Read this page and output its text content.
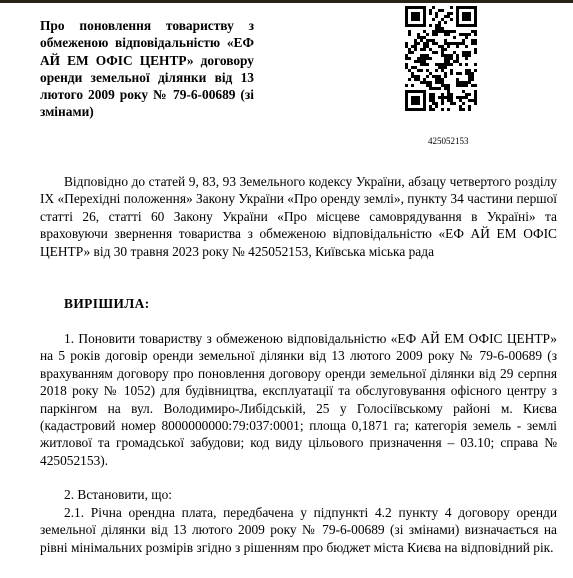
Про поновлення товариству з обмеженою відповідальністю «ЕФ АЙ ЕМ ОФІС ЦЕНТР» договору оренди земельної ділянки від 13 лютого 2009 року № 79-6-00689 (зі змінами)
425052153

Відповідно до статей 9, 83, 93 Земельного кодексу України, абзацу четвертого розділу IX «Перехідні положення» Закону України «Про оренду землі», пункту 34 частини першої статті 26, статті 60 Закону України «Про місцеве самоврядування в Україні» та враховуючи звернення товариства з обмеженою відповідальністю «ЕФ АЙ ЕМ ОФІС ЦЕНТР» від 30 травня 2023 року № 425052153, Київська міська рада

ВИРІШИЛА:

1. Поновити товариству з обмеженою відповідальністю «ЕФ АЙ ЕМ ОФІС ЦЕНТР» на 5 років договір оренди земельної ділянки від 13 лютого 2009 року № 79-6-00689 (з врахуванням договору про поновлення договору оренди земельної ділянки від 29 серпня 2018 року № 1052) для будівництва, експлуатації та обслуговування офісного центру з паркінгом на вул. Володимиро-Либідській, 25 у Голосіївському районі м. Києва (кадастровий номер 8000000000:79:037:0001; площа 0,1871 га; категорія земель - землі житлової та громадської забудови; код виду цільового призначення – 03.10; справа № 425052153).

2. Встановити, що:

2.1. Річна орендна плата, передбачена у підпункті 4.2 пункту 4 договору оренди земельної ділянки від 13 лютого 2009 року № 79-6-00689 (зі змінами) визначається на рівні мінімальних розмірів згідно з рішенням про бюджет міста Києва на відповідний рік.
